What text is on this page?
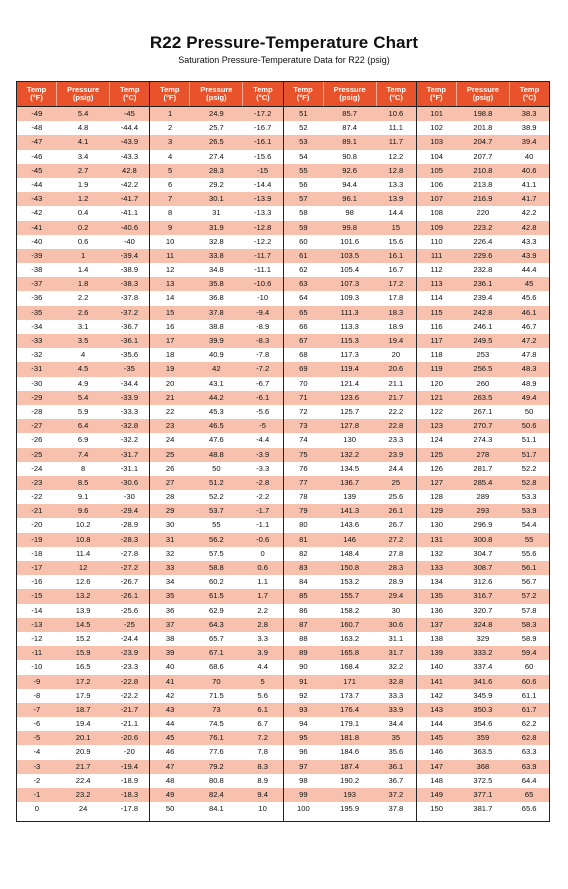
R22 Pressure-Temperature Chart
Saturation Pressure-Temperature Data for R22 (psig)
Temp
(°F)
Pressure
(psig)
Temp
(°C)
-49	5.4	-45
-48	4.8	-44.4
-47	4.1	-43.9
-46	3.4	-43.3
-45	2.7	42.8
-44	1.9	-42.2
-43	1.2	-41.7
-42	0.4	-41.1
-41	0.2	-40.6
-40	0.6	-40
-39	1	-39.4
-38	1.4	-38.9
-37	1.8	-38.3
-36	2.2	-37.8
-35	2.6	-37.2
-34	3.1	-36.7
-33	3.5	-36.1
-32	4	-35.6
-31	4.5	-35
-30	4.9	-34.4
-29	5.4	-33.9
-28	5.9	-33.3
-27	6.4	-32.8
-26	6.9	-32.2
-25	7.4	-31.7
-24	8	-31.1
-23	8.5	-30.6
-22	9.1	-30
-21	9.6	-29.4
-20	10.2	-28.9
-19	10.8	-28.3
-18	11.4	-27.8
-17	12	-27.2
-16	12.6	-26.7
-15	13.2	-26.1
-14	13.9	-25.6
-13	14.5	-25
-12	15.2	-24.4
-11	15.9	-23.9
-10	16.5	-23.3
-9	17.2	-22.8
-8	17.9	-22.2
-7	18.7	-21.7
-6	19.4	-21.1
-5	20.1	-20.6
-4	20.9	-20
-3	21.7	-19.4
-2	22.4	-18.9
-1	23.2	-18.3
0	24	-17.8
Temp
(°F)
Pressure
(psig)
Temp
(°C)
1	24.9	-17.2
2	25.7	-16.7
3	26.5	-16.1
4	27.4	-15.6
5	28.3	-15
6	29.2	-14.4
7	30.1	-13.9
8	31	-13.3
9	31.9	-12.8
10	32.8	-12.2
11	33.8	-11.7
12	34.8	-11.1
13	35.8	-10.6
14	36.8	-10
15	37.8	-9.4
16	38.8	-8.9
17	39.9	-8.3
18	40.9	-7.8
19	42	-7.2
20	43.1	-6.7
21	44.2	-6.1
22	45.3	-5.6
23	46.5	-5
24	47.6	-4.4
25	48.8	-3.9
26	50	-3.3
27	51.2	-2.8
28	52.2	-2.2
29	53.7	-1.7
30	55	-1.1
31	56.2	-0.6
32	57.5	0
33	58.8	0.6
34	60.2	1.1
35	61.5	1.7
36	62.9	2.2
37	64.3	2.8
38	65.7	3.3
39	67.1	3.9
40	68.6	4.4
41	70	5
42	71.5	5.6
43	73	6.1
44	74.5	6.7
45	76.1	7.2
46	77.6	7.8
47	79.2	8.3
48	80.8	8.9
49	82.4	9.4
50	84.1	10
Temp
(°F)
Pressure
(psig)
Temp
(°C)
51	85.7	10.6
52	87.4	11.1
53	89.1	11.7
54	90.8	12.2
55	92.6	12.8
56	94.4	13.3
57	96.1	13.9
58	98	14.4
59	99.8	15
60	101.6	15.6
61	103.5	16.1
62	105.4	16.7
63	107.3	17.2
64	109.3	17.8
65	111.3	18.3
66	113.3	18.9
67	115.3	19.4
68	117.3	20
69	119.4	20.6
70	121.4	21.1
71	123.6	21.7
72	125.7	22.2
73	127.8	22.8
74	130	23.3
75	132.2	23.9
76	134.5	24.4
77	136.7	25
78	139	25.6
79	141.3	26.1
80	143.6	26.7
81	146	27.2
82	148.4	27.8
83	150.8	28.3
84	153.2	28.9
85	155.7	29.4
86	158.2	30
87	160.7	30.6
88	163.2	31.1
89	165.8	31.7
90	168.4	32.2
91	171	32.8
92	173.7	33.3
93	176.4	33.9
94	179.1	34.4
95	181.8	35
96	184.6	35.6
97	187.4	36.1
98	190.2	36.7
99	193	37.2
100	195.9	37.8
Temp
(°F)
Pressure
(psig)
Temp
(°C)
101	198.8	38.3
102	201.8	38.9
103	204.7	39.4
104	207.7	40
105	210.8	40.6
106	213.8	41.1
107	216.9	41.7
108	220	42.2
109	223.2	42.8
110	226.4	43.3
111	229.6	43.9
112	232.8	44.4
113	236.1	45
114	239.4	45.6
115	242.8	46.1
116	246.1	46.7
117	249.5	47.2
118	253	47.8
119	256.5	48.3
120	260	48.9
121	263.5	49.4
122	267.1	50
123	270.7	50.6
124	274.3	51.1
125	278	51.7
126	281.7	52.2
127	285.4	52.8
128	289	53.3
129	293	53.9
130	296.9	54.4
131	300.8	55
132	304.7	55.6
133	308.7	56.1
134	312.6	56.7
135	316.7	57.2
136	320.7	57.8
137	324.8	58.3
138	329	58.9
139	333.2	59.4
140	337.4	60
141	341.6	60.6
142	345.9	61.1
143	350.3	61.7
144	354.6	62.2
145	359	62.8
146	363.5	63.3
147	368	63.9
148	372.5	64.4
149	377.1	65
150	381.7	65.6
